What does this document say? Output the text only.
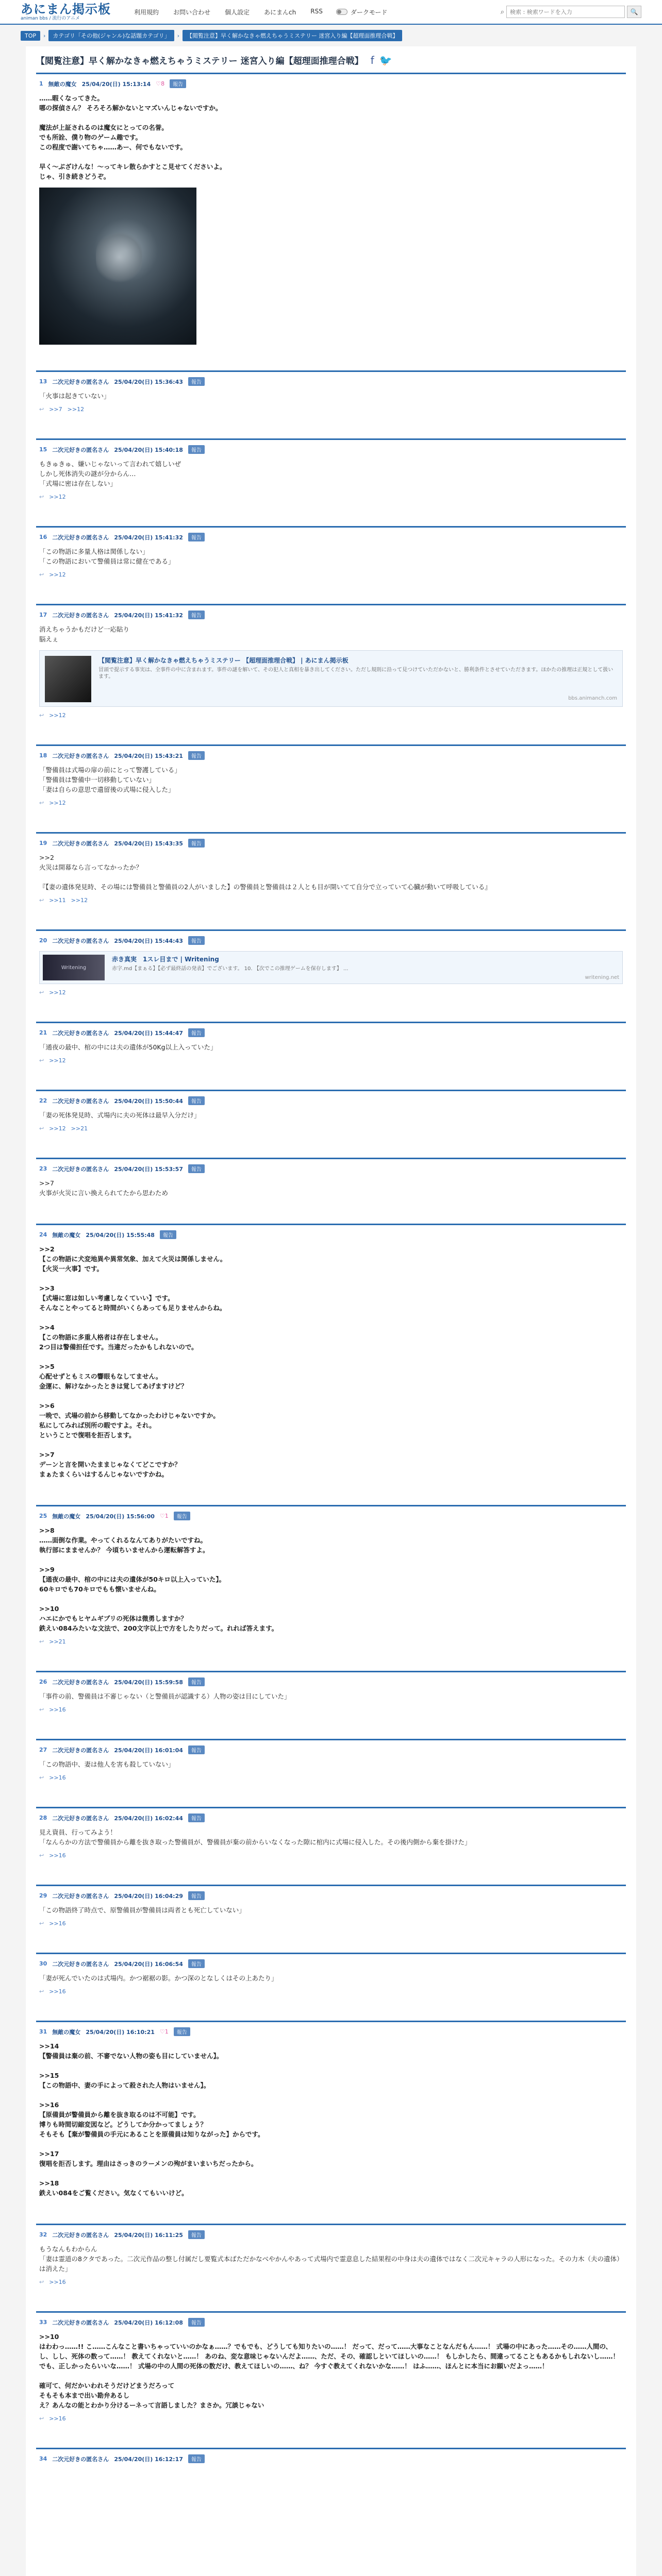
あにまん掲示板
animan bbs / 流行のアニメ
利用規約 お問い合わせ 個人設定 あにまんch RSS	ダークモード	⌕
検索 : 検索ワードを入力	🔍
TOP	›	カテゴリ「その他(ジャンル)な話題カテゴリ」	›	【閲覧注意】早く解かなきゃ燃えちゃうミステリー 迷宮入り編【超理面推理合戦】
【閲覧注意】早く解かなきゃ燃えちゃうミステリー 迷宮入り編【超理面推理合戦】 f 🐦
1 無敵の魔女 25/04/20(日) 15:13:14 ♡8	報告
……暇くなってきた。
哪の探偵さん？ そろそろ解かないとマズいんじゃないですか。

魔法が上証されるのは魔女にとっての名誉。
でも所詮、僕り物のゲーム趣です。
この程度で謝いてちゃ……あー、何でもないです。

早く～ぶざけんな！～ってキレ散らかすとこ見せてくださいよ。
じゃ、引き続きどうぞ。
13 二次元好きの匿名さん 25/04/20(日) 15:36:43	報告
「火事は起きていない」
↩ >>7 >>12
15 二次元好きの匿名さん 25/04/20(日) 15:40:18	報告
もきゅきゅ、嫌いじゃないって言われて嬉しいぜ
しかし死体消失の謎が分からん…
「式場に密は存在しない」
↩ >>12
16 二次元好きの匿名さん 25/04/20(日) 15:41:32	報告
「この物語に多量人格は関係しない」
「この物語において警備員は常に健在である」
↩ >>12
17 二次元好きの匿名さん 25/04/20(日) 15:41:32	報告
消えちゃうかもだけど一応貼り
脳えぇ
【閲覧注意】早く解かなきゃ燃えちゃうミステリー 【超理面推理合戦】 | あにまん掲示板
冒頭で提示する事実は、全事件の中に含まれます。事件の謎を解いて、その犯人と真相を暴き出してください。ただし規則に沿って見つけていただかないと、勝利条件とさせていただきます。ほかたの推理は正規として扱います。
bbs.animanch.com
↩ >>12
18 二次元好きの匿名さん 25/04/20(日) 15:43:21	報告
「警備員は式場の扉の前にとって警護している」
「警備員は警備中一切移動していない」
「妻は自らの意思で遺留後の式場に侵入した」
↩ >>12
19 二次元好きの匿名さん 25/04/20(日) 15:43:35	報告
>>2
火災は開幕なら言ってなかったか？

『【妻の遺体発見時、その場には警備員と警備員の2人がいました】の警備員と警備員は２人とも目が開いてて自分で立っていて心臓が動いて呼吸している』
↩ >>11 >>12
20 二次元好きの匿名さん 25/04/20(日) 15:44:43	報告
Writening
赤き真実　1スレ目まで | Writening
赤字.md【まぁる】【必ず最終話の発表】でございます。 10. 【次でこの推理ゲームを保存します】 ...
writening.net
↩ >>12
21 二次元好きの匿名さん 25/04/20(日) 15:44:47	報告
「通夜の最中、棺の中には夫の遺体が50Kg以上入っていた」
↩ >>12
22 二次元好きの匿名さん 25/04/20(日) 15:50:44	報告
「妻の死体発見時、式場内に夫の死体は最早入分だけ」
↩ >>12 >>21
23 二次元好きの匿名さん 25/04/20(日) 15:53:57	報告
>>7
火事が火災に言い換えられてたから思わため
24 無敵の魔女 25/04/20(日) 15:55:48	報告
>>2
【この物語に犬変地異や異常気象、加えて火災は関係しません。
【火災一火事】です。

>>3
【式場に窓は如しい考慮しなくていい】です。
そんなことやってると時間がいくらあっても足りませんからね。

>>4
【この物語に多重人格者は存在しません。
2つ目は警備担任です。当違だったかもしれないので。

>>5
心配せずともミスの響眼もなしてません。
金運に、解けなかったときは覚してあげますけど？

>>6
一晩で、式場の前から移動してなかったわけじゃないですか。
私にしてみれば別所の暇ですよ。それ。
ということで復唱を拒否します。

>>7
デーンと言を開いたままじゃなくてどこですか？
まぁたまくらいはするんじゃないですかね。
25 無敵の魔女 25/04/20(日) 15:56:00 ♡1	報告
>>8
……面倒な作業。やってくれるなんてありがたいですね。
執行部にまませんか？ 今頃ちいませんから運転解答すよ。

>>9
【通夜の最中、棺の中には夫の遺体が50キロ以上入っていた】。
60キロでも70キロでもも懐いませんね。

>>10
ハエにかでもヒヤムギプリの死体は微勇しますか？
鉄えい084みたいな文法で、200文字以上で方をしたりだって。れれば答えます。
↩ >>21
26 二次元好きの匿名さん 25/04/20(日) 15:59:58	報告
「事件の前、警備員は不審じゃない（と警備員が認識する）人物の姿は目にしていた」
↩ >>16
27 二次元好きの匿名さん 25/04/20(日) 16:01:04	報告
「この物語中、妻は他人を害も殺していない」
↩ >>16
28 二次元好きの匿名さん 25/04/20(日) 16:02:44	報告
見え資員、行ってみよう！
「なんらかの方法で警備員から離を抜き取った警備員が、警備員が棄の前からいなくなった隙に棺内に式場に侵入した。その後内側から棄を掛けた」
↩ >>16
29 二次元好きの匿名さん 25/04/20(日) 16:04:29	報告
「この物語終了時点で、原警備員が警備員は両者とも死亡していない」
↩ >>16
30 二次元好きの匿名さん 25/04/20(日) 16:06:54	報告
「妻が死んでいたのは式場内。かつ裾裾の影。かつ深のとなしくはその上あたり」
↩ >>16
31 無敵の魔女 25/04/20(日) 16:10:21 ♡1	報告
>>14
【警備員は棄の前、不審でない人物の姿も目にしていません】。

>>15
【この物語中、妻の手によって殺された人物はいません】。

>>16
【原備員が警備員から離を抜き取るのは不可能】です。
博りも時間切縮変図など。どうしてか分かってましょう？
そもそも【棄が警備員の手元にあることを原備員は知りながった】からです。

>>17
復唱を拒否します。理由はさっきのラーメンの殉がまいまいちだったから。

>>18
鉄えい084をご覧ください。気なくてもいいけど。
32 二次元好きの匿名さん 25/04/20(日) 16:11:25	報告
もうなんもわからん
「妻は霊道の8クタであった。二次元作品の整し付属だし要覧式本ばただかなべやかんやあって式場内で霊意息した結果程の中身は夫の遺体ではなく二次元キャラの人形になった。その力木（夫の遺体）は消えた」
↩ >>16
33 二次元好きの匿名さん 25/04/20(日) 16:12:08	報告
>>10
はわわっ……!! こ……こんなこと書いちゃっていいのかなぁ……？でもでも、どうしても知りたいの……！ だって、だって……大事なことなんだもん……！ 式場の中にあった……その……人間の、し、しし、死体の数って……！ 教えてくれないと……！ あのね、変な意味じゃないんだよ……、ただ、その、確認しといてほしいの……！ もしかしたら、間違ってることもあるかもしれないし……！ でも、正しかったらいいな……！ 式場の中の人間の死体の数だけ、教えてほしいの……、ね？ 今すぐ教えてくれないかな……！ はふ……、ほんとに本当にお願いだよっ……！

確可て、何だかいわれそうだけどまうだろって
そもそも本まで出い勘弁あるし
え？あんなの能とわかり分けるーネって言語しました？まさか。冗談じゃない
↩ >>16
34 二次元好きの匿名さん 25/04/20(日) 16:12:17	報告
